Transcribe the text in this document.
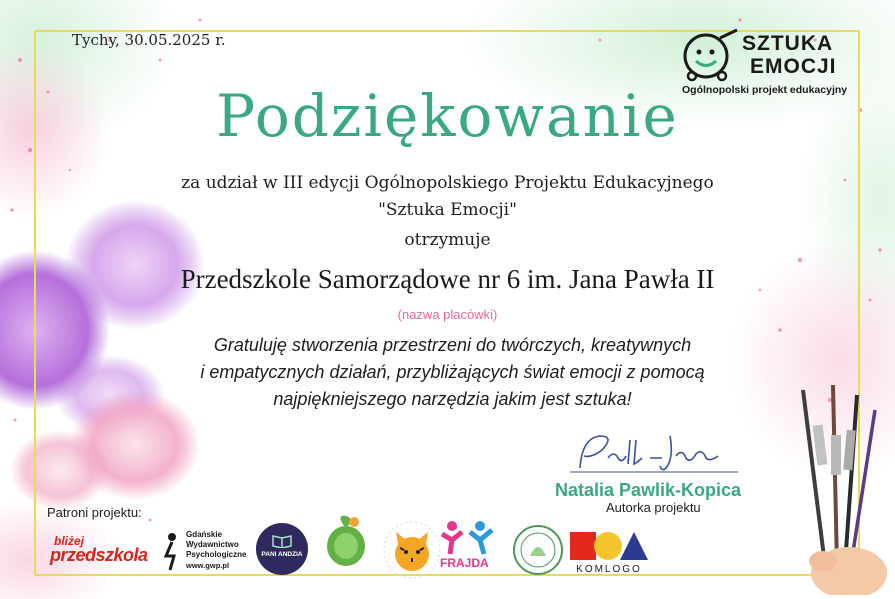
Tychy, 30.05.2025 r.	SZTUKA
EMOCJI
Ogólnopolski projekt edukacyjny
Podziękowanie
za udział w III edycji Ogólnopolskiego Projektu Edukacyjnego
"Sztuka Emocji"
otrzymuje
Przedszkole Samorządowe nr 6 im. Jana Pawła II
(nazwa placówki)
Gratuluję stworzenia przestrzeni do twórczych, kreatywnych
i empatycznych działań, przybliżających świat emocji z pomocą
najpiękniejszego narzędzia jakim jest sztuka!
Natalia Pawlik-Kopica
Autorka projektu
Patroni projektu:
bliżej
przedszkola
Gdańskie
Wydawnictwo
Psychologiczne
www.gwp.pl
PANI ANDZIA
FRAJDA	KOMLOGO
